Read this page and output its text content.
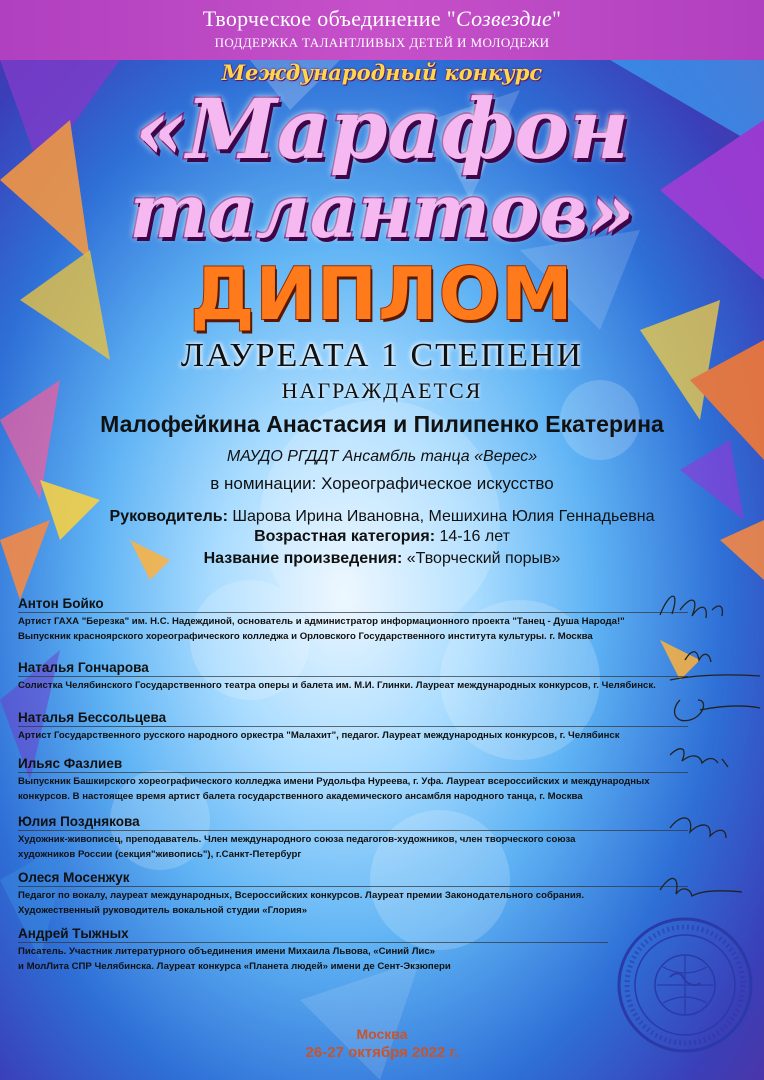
Творческое объединение "Созвездие"
ПОДДЕРЖКА ТАЛАНТЛИВЫХ ДЕТЕЙ И МОЛОДЕЖИ
Международный конкурс
«Марафон
талантов»
ДИПЛОМ
ЛАУРЕАТА 1 СТЕПЕНИ
НАГРАЖДАЕТСЯ
Малофейкина Анастасия и Пилипенко Екатерина
МАУДО РГДДТ Ансамбль танца «Верес»
в номинации: Хореографическое искусство
Руководитель: Шарова Ирина Ивановна, Мешихина Юлия Геннадьевна
Возрастная категория: 14-16 лет
Название произведения: «Творческий порыв»
Антон Бойко
Артист ГАХА "Березка" им. Н.С. Надеждиной, основатель и администратор информационного проекта "Танец - Душа Народа!"
Выпускник красноярского хореографического колледжа и Орловского Государственного института культуры. г. Москва
Наталья Гончарова
Солистка Челябинского Государственного театра оперы и балета им. М.И. Глинки. Лауреат международных конкурсов, г. Челябинск.
Наталья Бессольцева
Артист Государственного русского народного оркестра "Малахит", педагог. Лауреат международных конкурсов, г. Челябинск
Ильяс Фазлиев
Выпускник Башкирского хореографического колледжа имени Рудольфа Нуреева, г. Уфа. Лауреат всероссийских и международных
конкурсов. В настоящее время артист балета государственного академического ансамбля народного танца, г. Москва
Юлия Позднякова
Художник-живописец, преподаватель. Член международного союза педагогов-художников, член творческого союза
художников России (секция"живопись"), г.Санкт-Петербург
Олеся Мосенжук
Педагог по вокалу, лауреат международных, Всероссийских конкурсов. Лауреат премии Законодательного собрания.
Художественный руководитель вокальной студии «Глория»
Андрей Тыжных
Писатель. Участник литературного объединения имени Михаила Львова, «Синий Лис»
и МолЛита СПР Челябинска. Лауреат конкурса «Планета людей» имени де Сент-Экзюпери
Москва
26-27 октября 2022 г.
